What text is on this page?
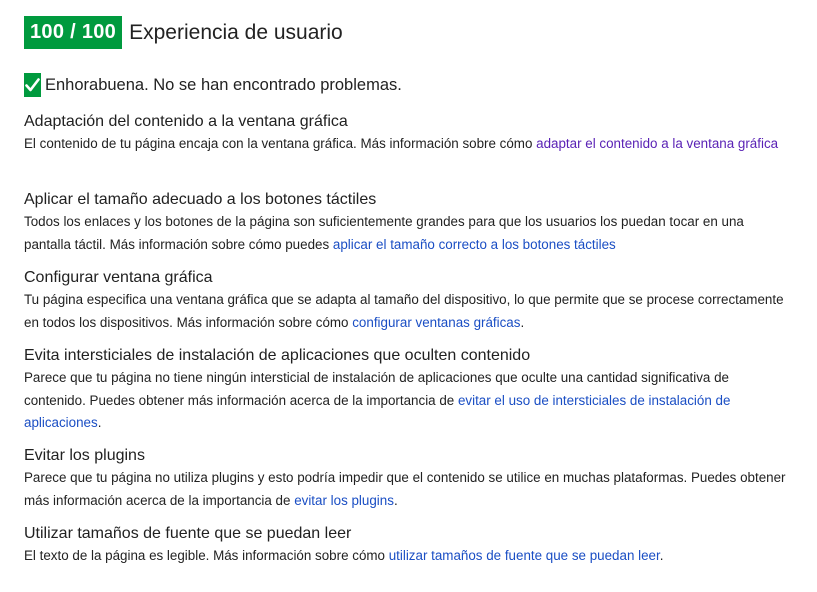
100 / 100 Experiencia de usuario
Enhorabuena. No se han encontrado problemas.
Adaptación del contenido a la ventana gráfica

El contenido de tu página encaja con la ventana gráfica. Más información sobre cómo adaptar el contenido a la ventana gráfica

Aplicar el tamaño adecuado a los botones táctiles

Todos los enlaces y los botones de la página son suficientemente grandes para que los usuarios los puedan tocar en una pantalla táctil. Más información sobre cómo puedes aplicar el tamaño correcto a los botones táctiles

Configurar ventana gráfica

Tu página especifica una ventana gráfica que se adapta al tamaño del dispositivo, lo que permite que se procese correctamente en todos los dispositivos. Más información sobre cómo configurar ventanas gráficas.

Evita intersticiales de instalación de aplicaciones que oculten contenido

Parece que tu página no tiene ningún intersticial de instalación de aplicaciones que oculte una cantidad significativa de contenido. Puedes obtener más información acerca de la importancia de evitar el uso de intersticiales de instalación de aplicaciones.

Evitar los plugins

Parece que tu página no utiliza plugins y esto podría impedir que el contenido se utilice en muchas plataformas. Puedes obtener más información acerca de la importancia de evitar los plugins.

Utilizar tamaños de fuente que se puedan leer

El texto de la página es legible. Más información sobre cómo utilizar tamaños de fuente que se puedan leer.
